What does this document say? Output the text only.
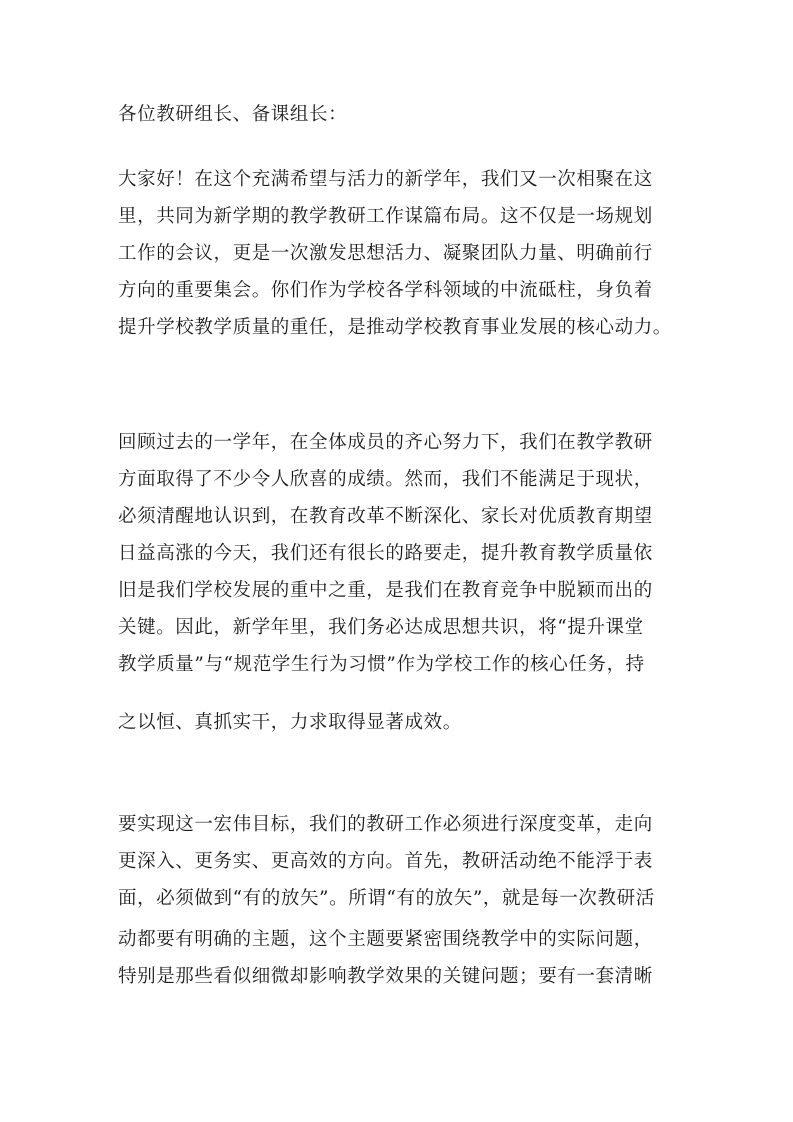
各位教研组长、备课组长：
大家好！在这个充满希望与活力的新学年，我们又一次相聚在这
里，共同为新学期的教学教研工作谋篇布局。这不仅是一场规划
工作的会议，更是一次激发思想活力、凝聚团队力量、明确前行
方向的重要集会。你们作为学校各学科领域的中流砥柱，身负着
提升学校教学质量的重任，是推动学校教育事业发展的核心动力。
回顾过去的一学年，在全体成员的齐心努力下，我们在教学教研
方面取得了不少令人欣喜的成绩。然而，我们不能满足于现状，
必须清醒地认识到，在教育改革不断深化、家长对优质教育期望
日益高涨的今天，我们还有很长的路要走，提升教育教学质量依
旧是我们学校发展的重中之重，是我们在教育竞争中脱颖而出的
关键。因此，新学年里，我们务必达成思想共识，将“提升课堂
教学质量”与“规范学生行为习惯”作为学校工作的核心任务，持
之以恒、真抓实干，力求取得显著成效。
要实现这一宏伟目标，我们的教研工作必须进行深度变革，走向
更深入、更务实、更高效的方向。首先，教研活动绝不能浮于表
面，必须做到“有的放矢”。所谓“有的放矢”，就是每一次教研活
动都要有明确的主题，这个主题要紧密围绕教学中的实际问题，
特别是那些看似细微却影响教学效果的关键问题；要有一套清晰
